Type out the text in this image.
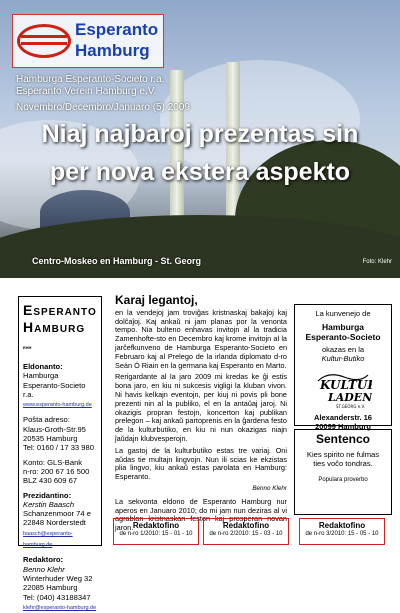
Esperanto
Hamburg
Hamburga Esperanto-Societo r.a.
Esperanto Verein Hamburg e.V.
Novembro/Decembro/Januaro (5) 2009
Niaj najbaroj prezentas sin
per nova ekstera aspekto
Centro-Moskeo en Hamburg - St. Georg	Foto: Klehr
Esperanto
Hamburg ehh
Eldonanto:
Hamburga Esperanto-Societo r.a.
www.esperanto-hamburg.de
Poŝta adreso:
Klaus-Groth-Str.95
20535 Hamburg
Tel: 0160 / 17 33 980
Konto: GLS-Bank
n-ro: 200 67 16 500
BLZ 430 609 67
Prezidantino:
Kerstin Baasch
Schanzenmoor 74 e
22848 Norderstedt
baasch@esperanto-hamburg.de
Redaktoro:
Benno Klehr
Winterhuder Weg 32
22085 Hamburg
Tel: (040) 43188347
klehr@esperanto-hamburg.de
Karaj legantoj,

en la vendejoj jam troviĝas kristnaskaj bakaĵoj kaj dolĉaĵoj. Kaj ankaŭ ni jam planas por la venonta tempo. Nia bulteno enhavas invitojn al la tradicia Zamenhofte-sto en Decembro kaj krome invitojn al la jarĉefkunveno de Hamburga Esperanto-Societo en Februaro kaj al Prelego de la irlanda diplomato d-ro Seán Ó Riain en la germana kaj Esperanto en Marto.

Rerigardante al la jaro 2009 mi kredas ke ĝi estis bona jaro, en kiu ni sukcesis vigligi la kluban vivon. Ni havis kelkajn eventojn, per kiuj ni povis pli bone prezenti nin al la publiko, el en la antaŭaj jaroj. Ni okazigis propran festojn, koncerton kaj publikan prelegon – kaj ankaŭ partoprenis en la ĝardena festo de la kulturbutiko, en kiu ni nun okazigas niajn ĵaŭdajn klubvesperojn.

La gastoj de la kulturbutiko estas tre variaj. Oni aŭdas tie multajn lingvojn. Nun ili scias ke ekzistas plia lingvo, kiu ankaŭ estas parolata en Hamburg: Esperanto.

Benno Klehr

La sekvonta eldono de Esperanto Hamburg nur aperos en Januaro 2010; do mi jam nun deziras al vi agrablan kristnaskan feston kaj prosperan novan jaron.

La kunvenejo de
Hamburga
Esperanto-Societo
okazas en la
Kultur-Butiko
KULTUR
LADEN
ST.GEORG e.V.
Alexanderstr. 16
20099 Hamburg
Sentenco
Kies spirito ne fulmas
ties voĉo tondras.
Populara proverbo
Redaktofino
de n-ro 1/2010: 15 - 01 - 10
Redaktofino
de n-ro 2/2010: 15 - 03 - 10
Redaktofino
de n-ro 3/2010: 15 - 05 - 10
